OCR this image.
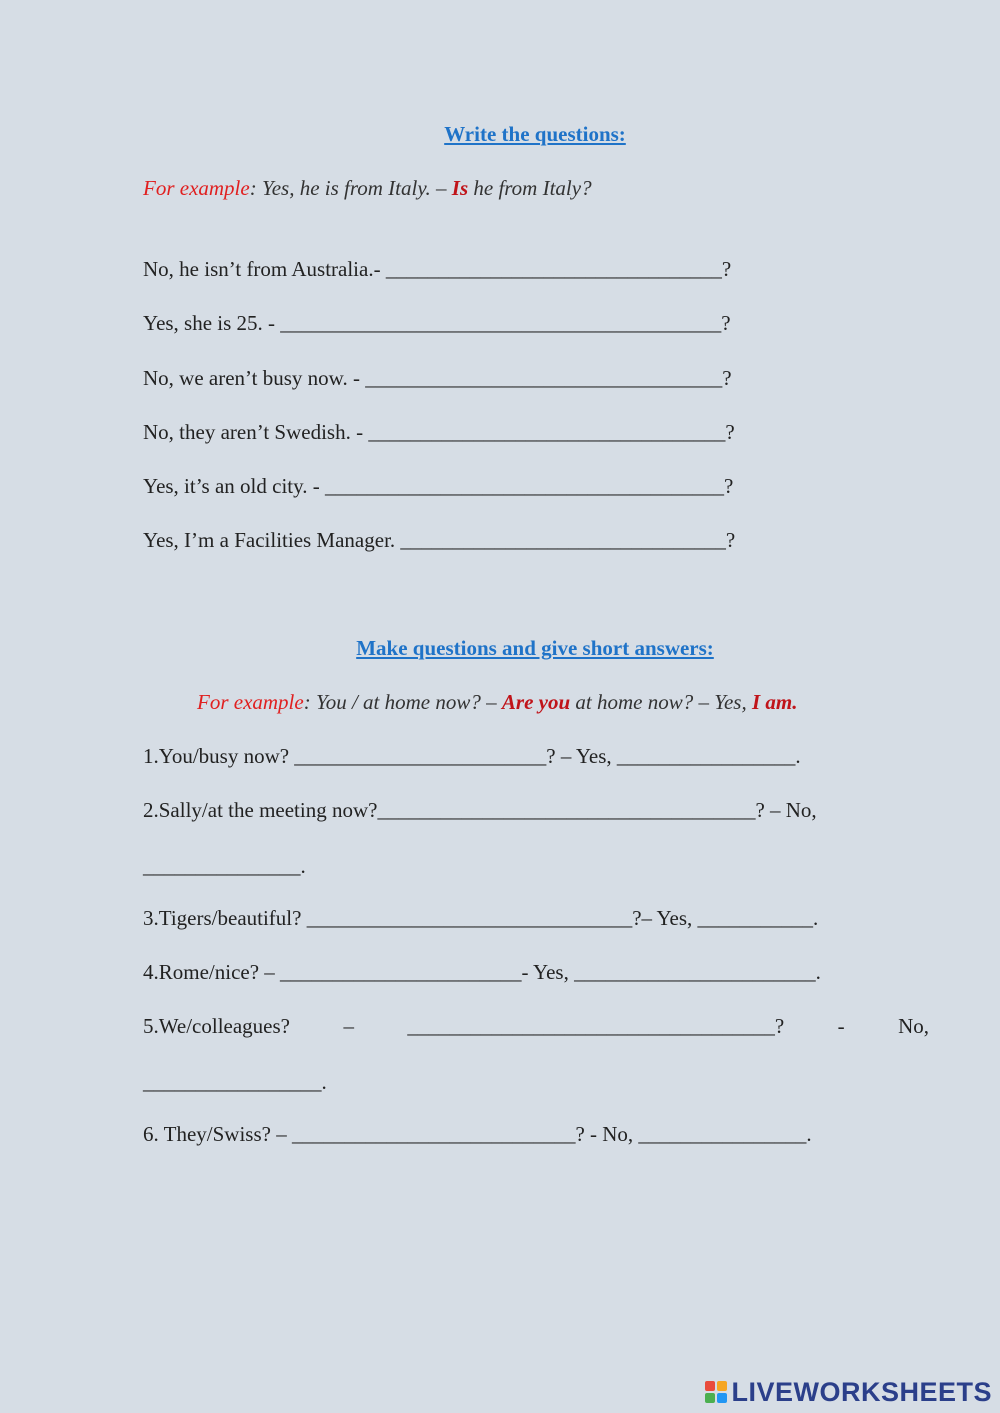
Write the questions:
For example: Yes, he is from Italy. – Is he from Italy?
No, he isn’t from Australia.- ________________________________?
Yes, she is 25. - __________________________________________?
No, we aren’t busy now. - __________________________________?
No, they aren’t Swedish. - __________________________________?
Yes, it’s an old city. - ______________________________________?
Yes, I’m a Facilities Manager. _______________________________?
Make questions and give short answers:
For example: You / at home now? – Are you at home now? – Yes, I am.
1.You/busy now? ________________________? – Yes, _________________.
2.Sally/at the meeting now?____________________________________? – No,
_______________.
3.Tigers/beautiful? _______________________________?– Yes, ___________.
4.Rome/nice? – _______________________- Yes, _______________________.
5.We/colleagues?	–	___________________________________?	-	No,
_________________.
6. They/Swiss? – ___________________________? - No, ________________.
LIVEWORKSHEETS
